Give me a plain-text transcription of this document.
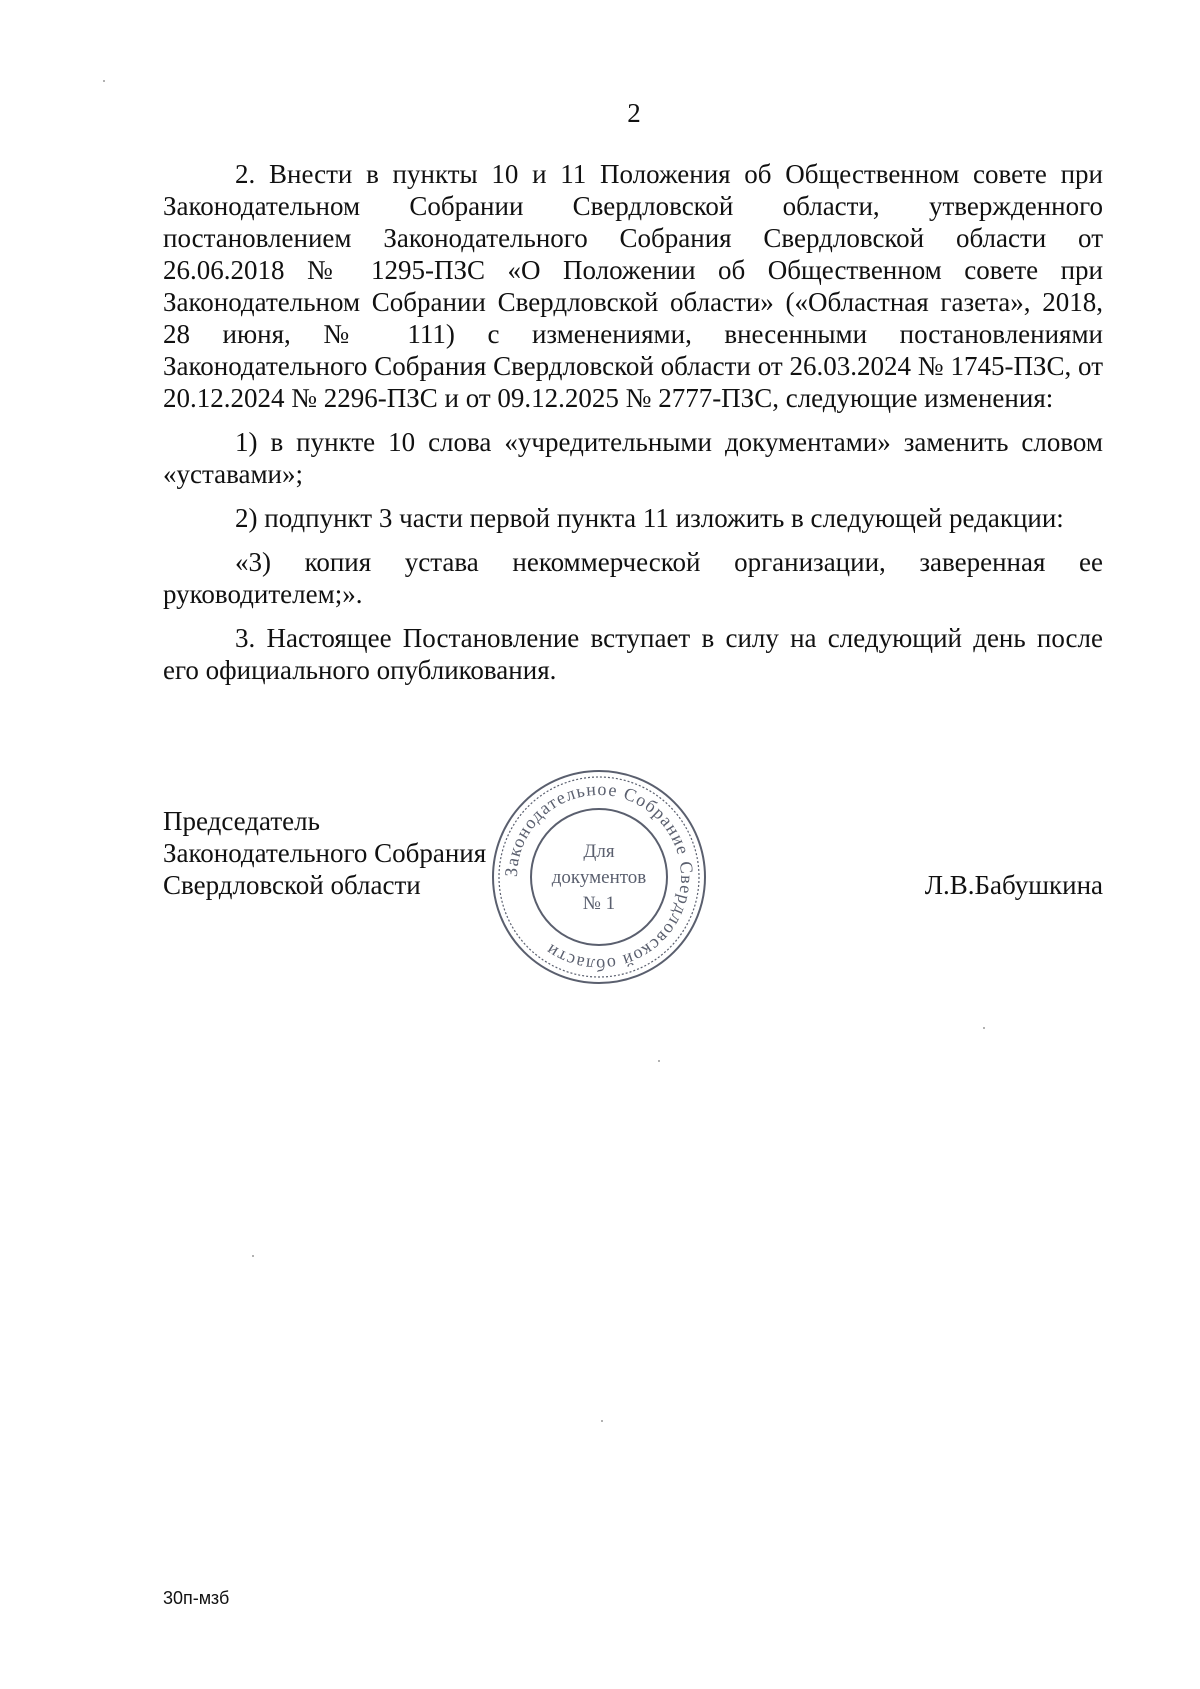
2

2. Внести в пункты 10 и 11 Положения об Общественном совете при Законодательном Собрании Свердловской области, утвержденного постановлением Законодательного Собрания Свердловской области от 26.06.2018 № 1295-ПЗС «О Положении об Общественном совете при Законодательном Собрании Свердловской области» («Областная газета», 2018, 28 июня, № 111) с изменениями, внесенными постановлениями Законодательного Собрания Свердловской области от 26.03.2024 № 1745-ПЗС, от 20.12.2024 № 2296-ПЗС и от 09.12.2025 № 2777-ПЗС, следующие изменения:

1) в пункте 10 слова «учредительными документами» заменить словом «уставами»;

2) подпункт 3 части первой пункта 11 изложить в следующей редакции:

«3) копия устава некоммерческой организации, заверенная ее руководителем;».

3. Настоящее Постановление вступает в силу на следующий день после его официального опубликования.

Председатель
Законодательного Собрания
Свердловской области	Законодательное Собрание Свердловской области
Для
документов
№ 1
Л.В.Бабушкина
30п-мзб
